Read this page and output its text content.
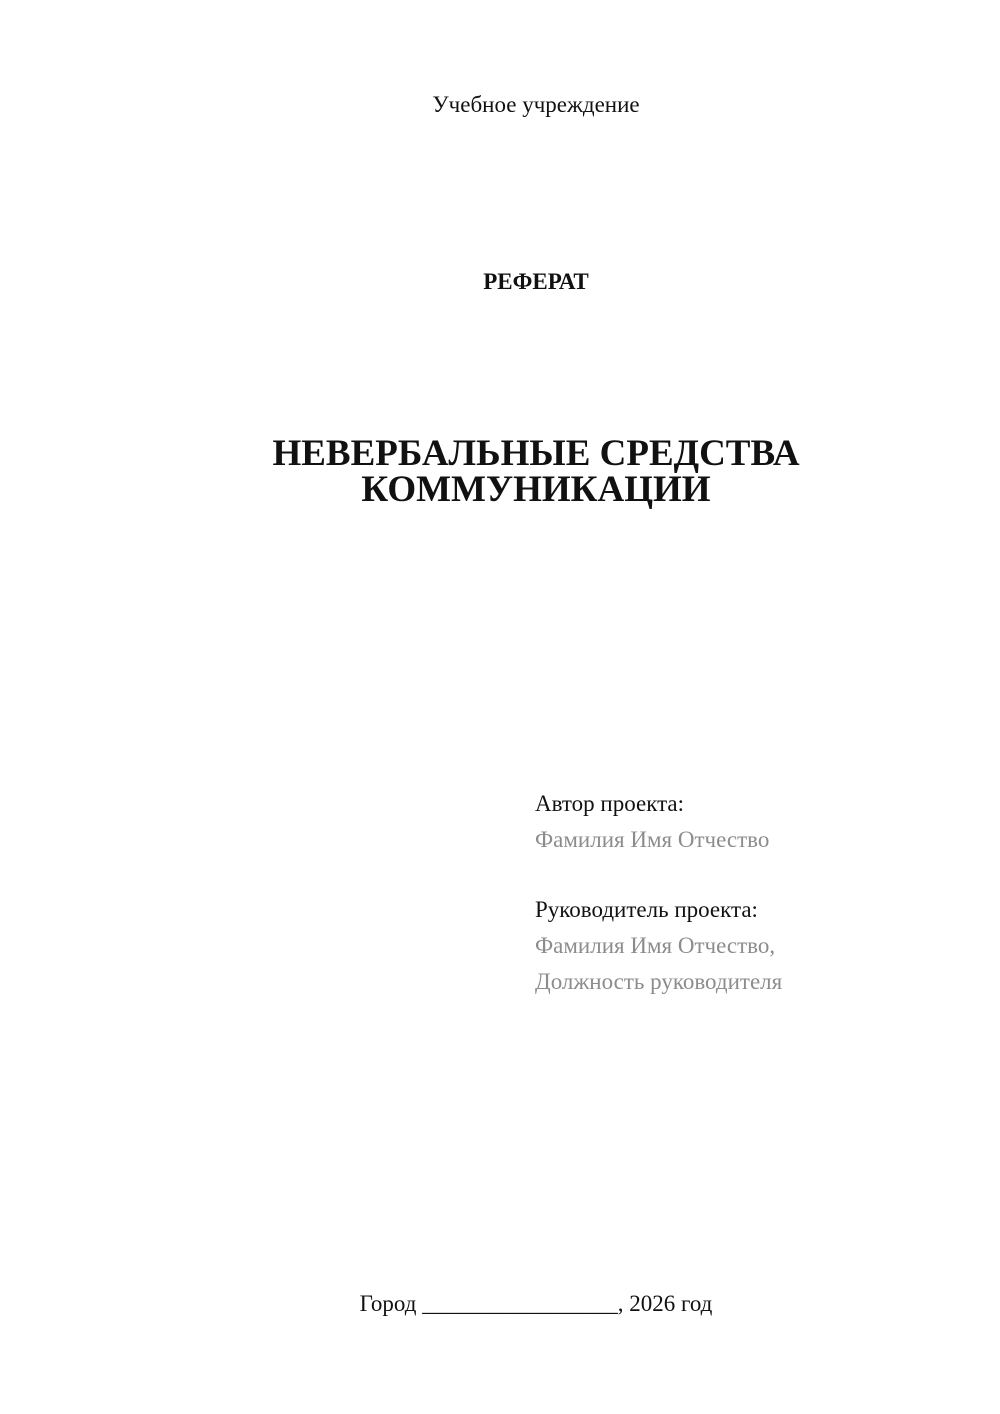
Учебное учреждение
РЕФЕРАТ
НЕВЕРБАЛЬНЫЕ СРЕДСТВА
КОММУНИКАЦИИ
Автор проекта:
Фамилия Имя Отчество
Руководитель проекта:
Фамилия Имя Отчество,
Должность руководителя
Город _________________, 2026 год
